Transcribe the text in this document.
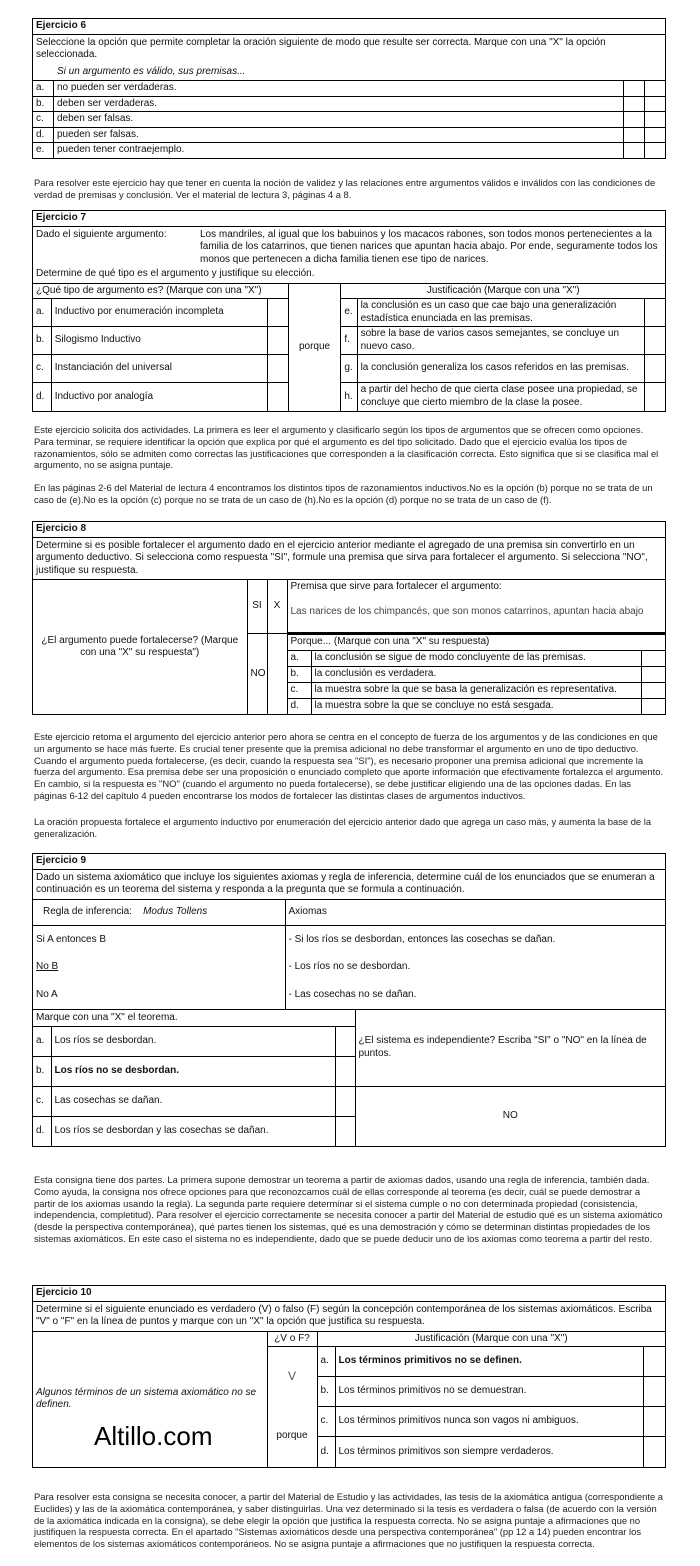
Ejercicio 6
Seleccione la opción que permite completar la oración siguiente de modo que resulte ser correcta. Marque con una "X" la opción seleccionada.
Si un argumento es válido, sus premisas...
a.	no pueden ser verdaderas.		
b.	deben ser verdaderas.		
c.	deben ser falsas.		
d.	pueden ser falsas.		
e.	pueden tener contraejemplo.		
Para resolver este ejercicio hay que tener en cuenta la noción de validez y las relaciones entre argumentos válidos e inválidos con las condiciones de verdad de premisas y conclusión. Ver el material de lectura 3, páginas 4 a 8.
Ejercicio 7
Dado el siguiente argumento:	Los mandriles, al igual que los babuinos y los macacos rabones, son todos monos pertenecientes a la familia de los catarrinos, que tienen narices que apuntan hacia abajo. Por ende, seguramente todos los monos que pertenecen a dicha familia tienen ese tipo de narices.
Determine de qué tipo es el argumento y justifique su elección.
¿Qué tipo de argumento es? (Marque con una "X")			porque	Justificación (Marque con una "X")		
a.	Inductivo por enumeración incompleta			e.	la conclusión es un caso que cae bajo una generalización estadística enunciada en las premisas.	
b.	Silogismo Inductivo			f.	sobre la base de varios casos semejantes, se concluye un nuevo caso.	
c.	Instanciación del universal			g.	la conclusión generaliza los casos referidos en las premisas.	
d.	Inductivo por analogía			h.	a partir del hecho de que cierta clase posee una propiedad, se concluye que cierto miembro de la clase la posee.	
Este ejercicio solicita dos actividades. La primera es leer el argumento y clasificarlo según los tipos de argumentos que se ofrecen como opciones. Para terminar, se requiere identificar la opción que explica por qué el argumento es del tipo solicitado. Dado que el ejercicio evalúa los tipos de razonamientos, sólo se admiten como correctas las justificaciones que corresponden a la clasificación correcta. Esto significa que si se clasifica mal el argumento, no se asigna puntaje.
En las páginas 2-6 del Material de lectura 4 encontramos los distintos tipos de razonamientos inductivos.No es la opción (b) porque no se trata de un caso de (e).No es la opción (c) porque no se trata de un caso de (h).No es la opción (d) porque no se trata de un caso de (f).
Ejercicio 8
Determine si es posible fortalecer el argumento dado en el ejercicio anterior mediante el agregado de una premisa sin convertirlo en un argumento deductivo. Si selecciona como respuesta "SI", formule una premisa que sirva para fortalecer el argumento. Si selecciona "NO", justifique su respuesta.
¿El argumento puede fortalecerse? (Marque con una "X" su respuesta")	SI	X	Premisa que sirve para fortalecer el argumento:
Las narices de los chimpancés, que son monos catarrinos, apuntan hacia abajo		

	NO		Porque... (Marque con una "X" su respuesta)		
			a.	la conclusión se sigue de modo concluyente de las premisas.	
			b.	la conclusión es verdadera.	
			c.	la muestra sobre la que se basa la generalización es representativa.	
			d.	la muestra sobre la que se concluye no está sesgada.	
Este ejercicio retoma el argumento del ejercicio anterior pero ahora se centra en el concepto de fuerza de los argumentos y de las condiciones en que un argumento se hace más fuerte. Es crucial tener presente que la premisa adicional no debe transformar el argumento en uno de tipo deductivo. Cuando el argumento pueda fortalecerse, (es decir, cuando la respuesta sea "SI"), es necesario proponer una premisa adicional que incremente la fuerza del argumento. Esa premisa debe ser una proposición o enunciado completo que aporte información que efectivamente fortalezca el argumento. En cambio, si la respuesta es "NO" (cuando el argumento no pueda fortalecerse), se debe justificar eligiendo una de las opciones dadas. En las páginas 6-12 del capítulo 4 pueden encontrarse los modos de fortalecer las distintas clases de argumentos inductivos.
La oración propuesta fortalece el argumento inductivo por enumeración del ejercicio anterior dado que agrega un caso más, y aumenta la base de la generalización.
Ejercicio 9
Dado un sistema axiomático que incluye los siguientes axiomas y regla de inferencia, determine cuál de los enunciados que se enumeran a continuación es un teorema del sistema y responda a la pregunta que se formula a continuación.
Regla de inferencia: Modus Tollens	Axiomas
Si A entonces B	- Si los ríos se desbordan, entonces las cosechas se dañan.
No B	- Los ríos no se desbordan.
No A	- Las cosechas no se dañan.
Marque con una "X" el teorema.			¿El sistema es independiente? Escriba "SI" o "NO" en la línea de puntos.
a.	Los ríos se desbordan.		
b.	Los ríos no se desbordan.		
c.	Las cosechas se dañan.		NO
d.	Los ríos se desbordan y las cosechas se dañan.		
Esta consigna tiene dos partes. La primera supone demostrar un teorema a partir de axiomas dados, usando una regla de inferencia, también dada. Como ayuda, la consigna nos ofrece opciones para que reconozcamos cuál de ellas corresponde al teorema (es decir, cuál se puede demostrar a partir de los axiomas usando la regla). La segunda parte requiere determinar si el sistema cumple o no con determinada propiedad (consistencia, independencia, completitud). Para resolver el ejercicio correctamente se necesita conocer a partir del Material de estudio qué es un sistema axiomático (desde la perspectiva contemporánea), qué partes tienen los sistemas, qué es una demostración y cómo se determinan distintas propiedades de los sistemas axiomáticos. En este caso el sistema no es independiente, dado que se puede deducir uno de los axiomas como teorema a partir del resto.
Ejercicio 10
Determine si el siguiente enunciado es verdadero (V) o falso (F) según la concepción contemporánea de los sistemas axiomáticos. Escriba "V" o "F" en la línea de puntos y marque con un "X" la opción que justifica su respuesta.
Algunos términos de un sistema axiomático no se definen.	¿V o F?	Justificación (Marque con una "X")		
	V	a.	Los términos primitivos no se definen.	
		b.	Los términos primitivos no se demuestran.	
	porque	c.	Los términos primitivos nunca son vagos ni ambiguos.	
		d.	Los términos primitivos son siempre verdaderos.	
Altillo.com
Para resolver esta consigna se necesita conocer, a partir del Material de Estudio y las actividades, las tesis de la axiomática antigua (correspondiente a Euclides) y las de la axiomática contemporánea, y saber distinguirlas. Una vez determinado si la tesis es verdadera o falsa (de acuerdo con la versión de la axiomática indicada en la consigna), se debe elegir la opción que justifica la respuesta correcta. No se asigna puntaje a afirmaciones que no justifiquen la respuesta correcta. En el apartado "Sistemas axiomáticos desde una perspectiva contemporánea" (pp 12 a 14) pueden encontrar los elementos de los sistemas axiomáticos contemporáneos. No se asigna puntaje a afirmaciones que no justifiquen la respuesta correcta.
